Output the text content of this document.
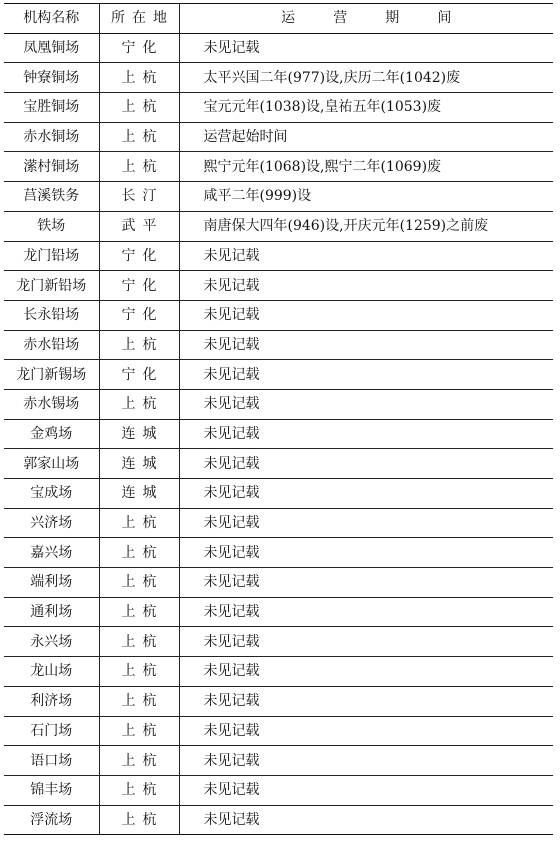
机构名称	所在地	运 营 期 间
凤凰铜场	宁化	未见记载
钟寮铜场	上杭	太平兴国二年(977)设,庆历二年(1042)废
宝胜铜场	上杭	宝元元年(1038)设,皇祐五年(1053)废
赤水铜场	上杭	运营起始时间
潆村铜场	上杭	熙宁元年(1068)设,熙宁二年(1069)废
莒溪铁务	长汀	咸平二年(999)设
铁场	武平	南唐保大四年(946)设,开庆元年(1259)之前废
龙门铅场	宁化	未见记载
龙门新铅场	宁化	未见记载
长永铅场	宁化	未见记载
赤水铅场	上杭	未见记载
龙门新锡场	宁化	未见记载
赤水锡场	上杭	未见记载
金鸡场	连城	未见记载
郭家山场	连城	未见记载
宝成场	连城	未见记载
兴济场	上杭	未见记载
嘉兴场	上杭	未见记载
端利场	上杭	未见记载
通利场	上杭	未见记载
永兴场	上杭	未见记载
龙山场	上杭	未见记载
利济场	上杭	未见记载
石门场	上杭	未见记载
语口场	上杭	未见记载
锦丰场	上杭	未见记载
浮流场	上杭	未见记载
